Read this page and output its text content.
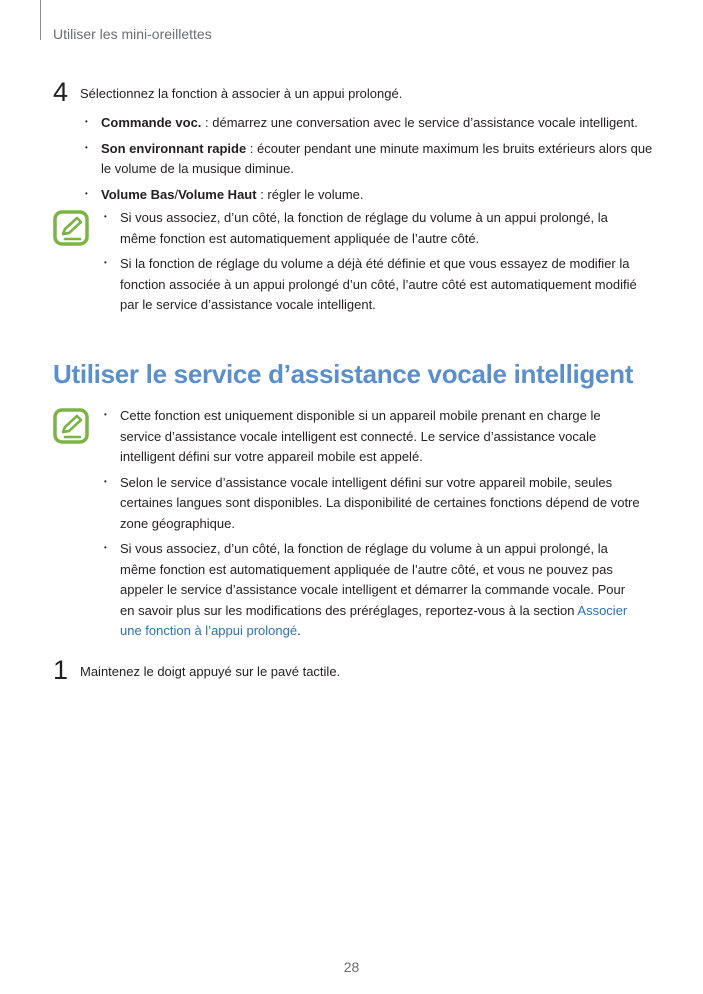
Utiliser les mini-oreillettes
4 Sélectionnez la fonction à associer à un appui prolongé.
• Commande voc. : démarrez une conversation avec le service d’assistance vocale intelligent.
• Son environnant rapide : écouter pendant une minute maximum les bruits extérieurs alors que le volume de la musique diminue.
• Volume Bas/Volume Haut : régler le volume.
• Si vous associez, d’un côté, la fonction de réglage du volume à un appui prolongé, la même fonction est automatiquement appliquée de l’autre côté.
• Si la fonction de réglage du volume a déjà été définie et que vous essayez de modifier la fonction associée à un appui prolongé d’un côté, l’autre côté est automatiquement modifié par le service d’assistance vocale intelligent.
Utiliser le service d’assistance vocale intelligent
• Cette fonction est uniquement disponible si un appareil mobile prenant en charge le service d’assistance vocale intelligent est connecté. Le service d’assistance vocale intelligent défini sur votre appareil mobile est appelé.
• Selon le service d’assistance vocale intelligent défini sur votre appareil mobile, seules certaines langues sont disponibles. La disponibilité de certaines fonctions dépend de votre zone géographique.
• Si vous associez, d’un côté, la fonction de réglage du volume à un appui prolongé, la même fonction est automatiquement appliquée de l’autre côté, et vous ne pouvez pas appeler le service d’assistance vocale intelligent et démarrer la commande vocale. Pour en savoir plus sur les modifications des préréglages, reportez-vous à la section Associer une fonction à l’appui prolongé.
1 Maintenez le doigt appuyé sur le pavé tactile.
28
